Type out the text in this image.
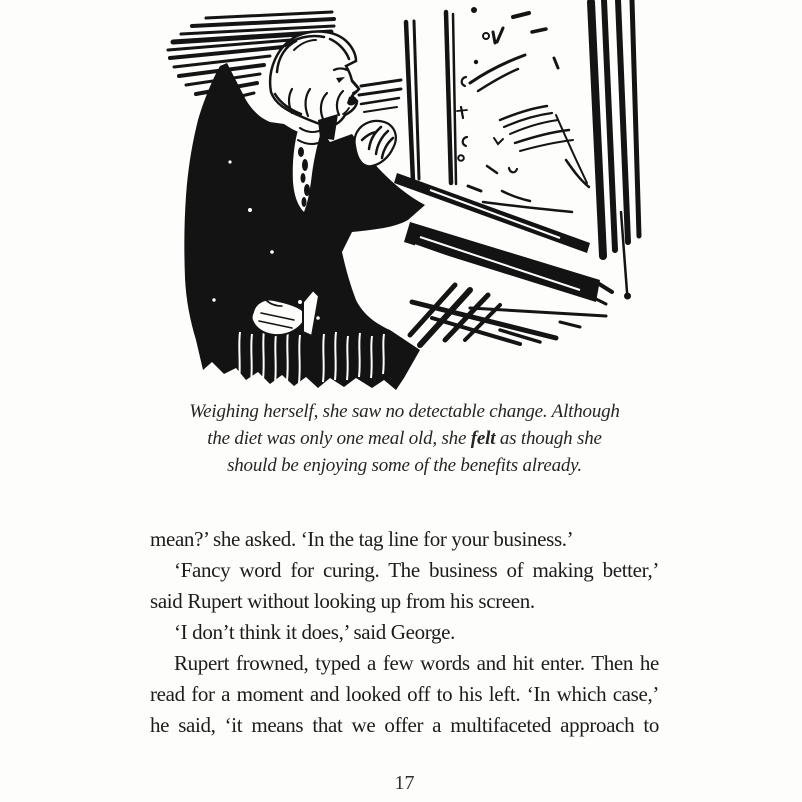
Weighing herself, she saw no detectable change. Although
the diet was only one meal old, she felt as though she
should be enjoying some of the benefits already.
mean?’ she asked. ‘In the tag line for your business.’
‘Fancy word for curing. The business of making better,’
said Rupert without looking up from his screen.
‘I don’t think it does,’ said George.
Rupert frowned, typed a few words and hit enter. Then he
read for a moment and looked off to his left. ‘In which case,’
he said, ‘it means that we offer a multifaceted approach to
17
